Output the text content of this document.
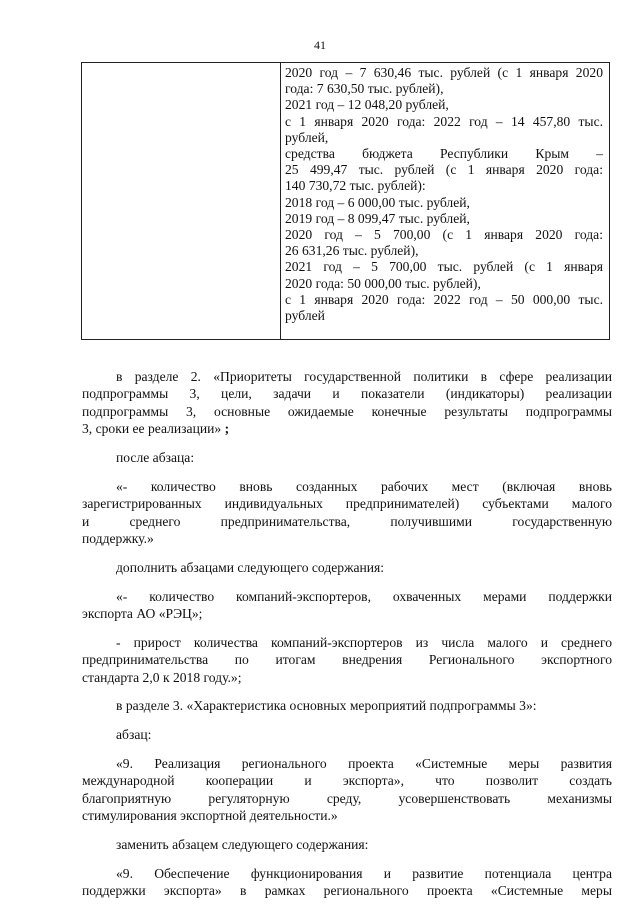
41
2020 год – 7 630,46 тыс. рублей (с 1 января 2020
года: 7 630,50 тыс. рублей),
2021 год – 12 048,20 рублей,
с 1 января 2020 года: 2022 год – 14 457,80 тыс.
рублей,
средства бюджета Республики Крым –
25 499,47 тыс. рублей (с 1 января 2020 года:
140 730,72 тыс. рублей):
2018 год – 6 000,00 тыс. рублей,
2019 год – 8 099,47 тыс. рублей,
2020 год – 5 700,00 (с 1 января 2020 года:
26 631,26 тыс. рублей),
2021 год – 5 700,00 тыс. рублей (с 1 января
2020 года: 50 000,00 тыс. рублей),
с 1 января 2020 года: 2022 год – 50 000,00 тыс.
рублей
в разделе 2. «Приоритеты государственной политики в сфере реализации
подпрограммы 3, цели, задачи и показатели (индикаторы) реализации
подпрограммы 3, основные ожидаемые конечные результаты подпрограммы
3, сроки ее реализации» ;
после абзаца:
«- количество вновь созданных рабочих мест (включая вновь
зарегистрированных индивидуальных предпринимателей) субъектами малого
и среднего предпринимательства, получившими государственную
поддержку.»
дополнить абзацами следующего содержания:
«- количество компаний-экспортеров, охваченных мерами поддержки
экспорта АО «РЭЦ»;
- прирост количества компаний-экспортеров из числа малого и среднего
предпринимательства по итогам внедрения Регионального экспортного
стандарта 2,0 к 2018 году.»;
в разделе 3. «Характеристика основных мероприятий подпрограммы 3»:
абзац:
«9. Реализация регионального проекта «Системные меры развития
международной кооперации и экспорта», что позволит создать
благоприятную регуляторную среду, усовершенствовать механизмы
стимулирования экспортной деятельности.»
заменить абзацем следующего содержания:
«9. Обеспечение функционирования и развитие потенциала центра
поддержки экспорта» в рамках регионального проекта «Системные меры
